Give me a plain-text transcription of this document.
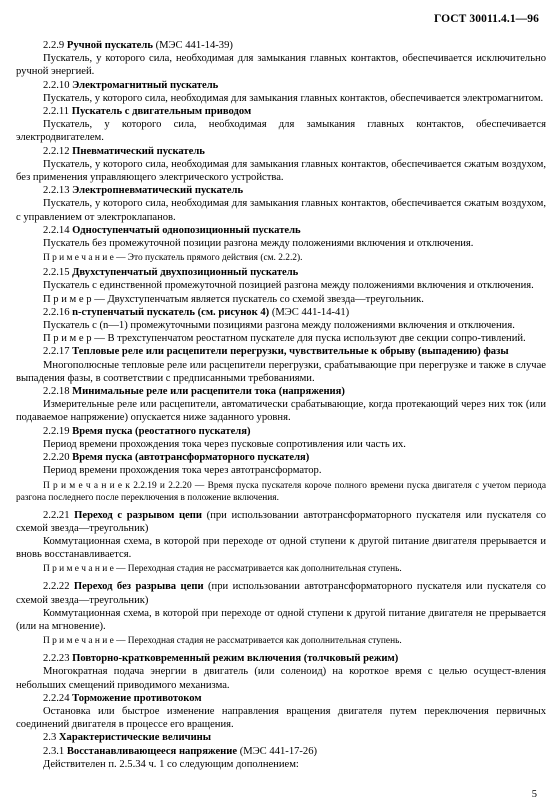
ГОСТ 30011.4.1—96

2.2.9 Ручной пускатель (МЭС 441-14-39)

Пускатель, у которого сила, необходимая для замыкания главных контактов, обеспечивается исключительно ручной энергией.

2.2.10 Электромагнитный пускатель

Пускатель, у которого сила, необходимая для замыкания главных контактов, обеспечивается электромагнитом.

2.2.11 Пускатель с двигательным приводом

Пускатель, у которого сила, необходимая для замыкания главных контактов, обеспечивается электродвигателем.

2.2.12 Пневматический пускатель

Пускатель, у которого сила, необходимая для замыкания главных контактов, обеспечивается сжатым воздухом, без применения управляющего электрического устройства.

2.2.13 Электропневматический пускатель

Пускатель, у которого сила, необходимая для замыкания главных контактов, обеспечивается сжатым воздухом, с управлением от электроклапанов.

2.2.14 Одноступенчатый однопозиционный пускатель

Пускатель без промежуточной позиции разгона между положениями включения и отключения.

П р и м е ч а н и е — Это пускатель прямого действия (см. 2.2.2).

2.2.15 Двухступенчатый двухпозиционный пускатель

Пускатель с единственной промежуточной позицией разгона между положениями включения и отключения.

П р и м е р — Двухступенчатым является пускатель со схемой звезда—треугольник.

2.2.16 n-ступенчатый пускатель (см. рисунок 4) (МЭС 441-14-41)

Пускатель с (n—1) промежуточными позициями разгона между положениями включения и отключения.

П р и м е р — В трехступенчатом реостатном пускателе для пуска используют две секции сопро-тивлений.

2.2.17 Тепловые реле или расцепители перегрузки, чувствительные к обрыву (выпадению) фазы

Многополюсные тепловые реле или расцепители перегрузки, срабатывающие при перегрузке и также в случае выпадения фазы, в соответствии с предписанными требованиями.

2.2.18 Минимальные реле или расцепители тока (напряжения)

Измерительные реле или расцепители, автоматически срабатывающие, когда протекающий через них ток (или подаваемое напряжение) опускается ниже заданного уровня.

2.2.19 Время пуска (реостатного пускателя)

Период времени прохождения тока через пусковые сопротивления или часть их.

2.2.20 Время пуска (автотрансформаторного пускателя)

Период времени прохождения тока через автотрансформатор.

П р и м е ч а н и е к 2.2.19 и 2.2.20 — Время пуска пускателя короче полного времени пуска двигателя с учетом периода разгона последнего после переключения в положение включения.

2.2.21 Переход с разрывом цепи (при использовании автотрансформаторного пускателя или пускателя со схемой звезда—треугольник)

Коммутационная схема, в которой при переходе от одной ступени к другой питание двигателя прерывается и вновь восстанавливается.

П р и м е ч а н и е — Переходная стадия не рассматривается как дополнительная ступень.

2.2.22 Переход без разрыва цепи (при использовании автотрансформаторного пускателя или пускателя со схемой звезда—треугольник)

Коммутационная схема, в которой при переходе от одной ступени к другой питание двигателя не прерывается (или на мгновение).

П р и м е ч а н и е — Переходная стадия не рассматривается как дополнительная ступень.

2.2.23 Повторно-кратковременный режим включения (толчковый режим)

Многократная подача энергии в двигатель (или соленоид) на короткое время с целью осущест-вления небольших смещений приводимого механизма.

2.2.24 Торможение противотоком

Остановка или быстрое изменение направления вращения двигателя путем переключения первичных соединений двигателя в процессе его вращения.

2.3 Характеристические величины

2.3.1 Восстанавливающееся напряжение (МЭС 441-17-26)

Действителен п. 2.5.34 ч. 1 со следующим дополнением:

5
